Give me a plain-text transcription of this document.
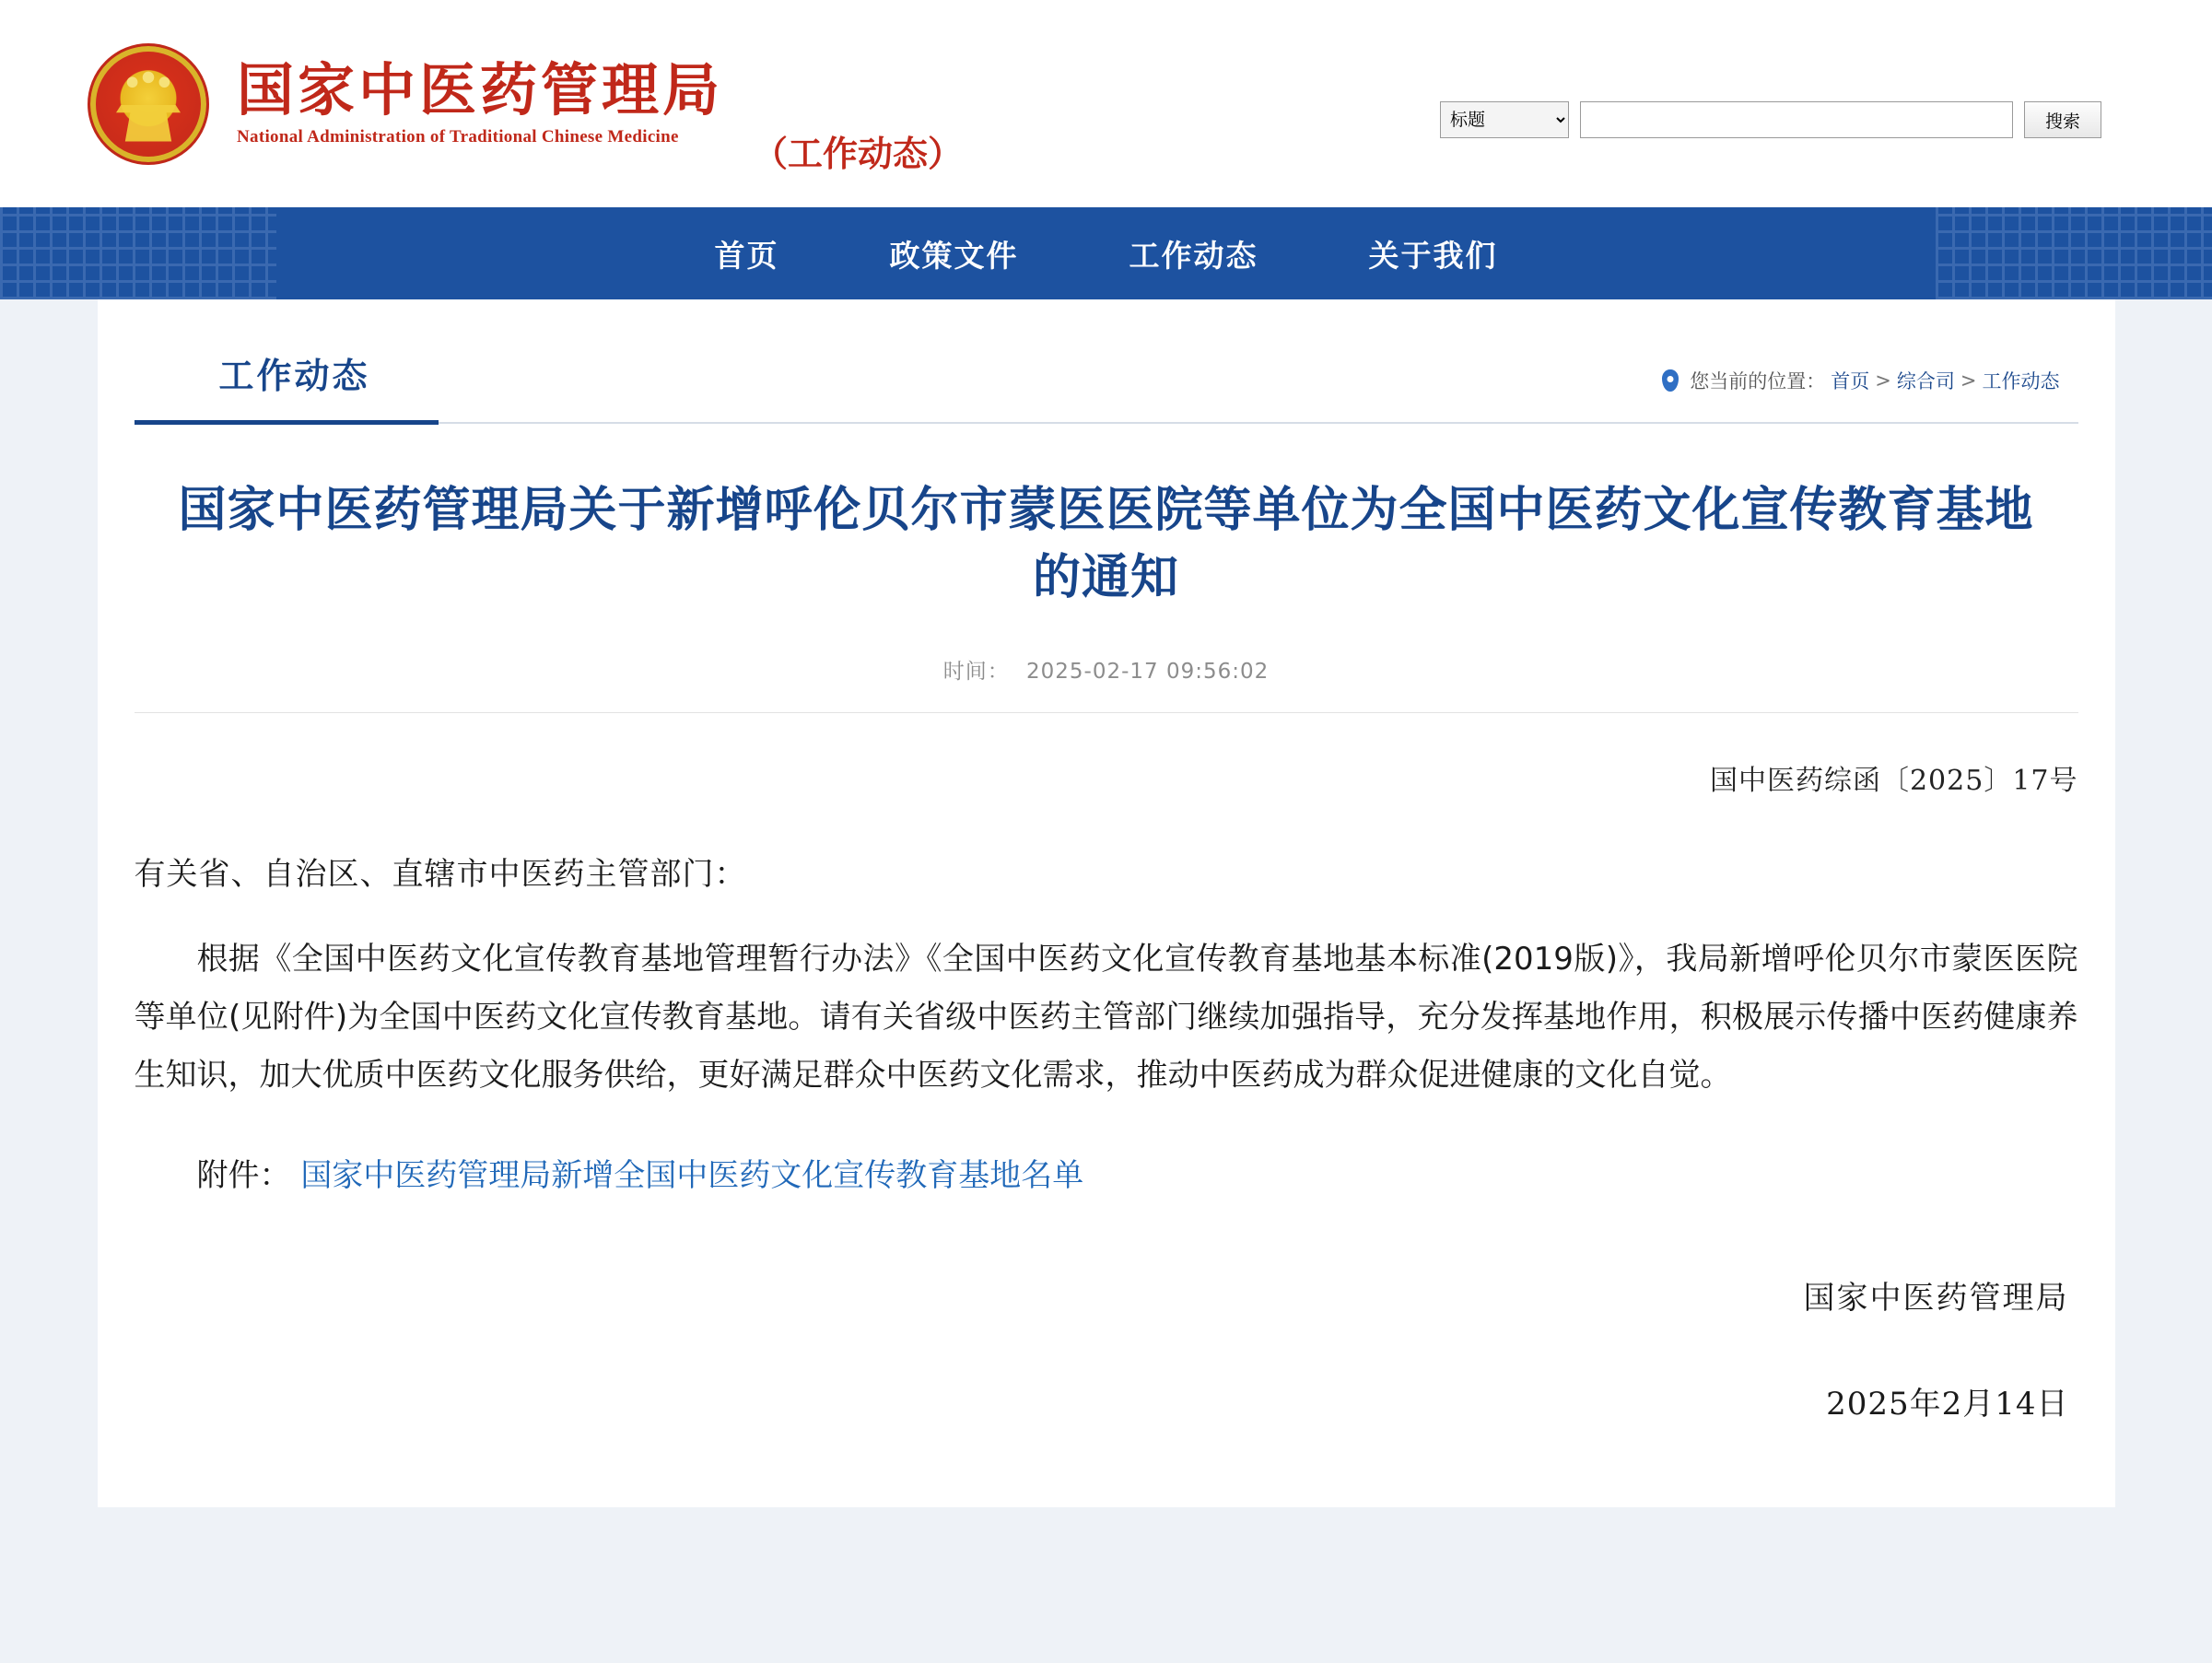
国家中医药管理局
National Administration of Traditional Chinese Medicine	（工作动态）
标题
搜索
首页	政策文件	工作动态	关于我们
工作动态	您当前的位置： 首页 > 综合司 > 工作动态
国家中医药管理局关于新增呼伦贝尔市蒙医医院等单位为全国中医药文化宣传教育基地的通知
时间： 2025-02-17 09:56:02
国中医药综函〔2025〕17号
有关省、自治区、直辖市中医药主管部门：
根据《全国中医药文化宣传教育基地管理暂行办法》《全国中医药文化宣传教育基地基本标准(2019版)》，我局新增呼伦贝尔市蒙医医院等单位(见附件)为全国中医药文化宣传教育基地。请有关省级中医药主管部门继续加强指导，充分发挥基地作用，积极展示传播中医药健康养生知识，加大优质中医药文化服务供给，更好满足群众中医药文化需求，推动中医药成为群众促进健康的文化自觉。
附件： 国家中医药管理局新增全国中医药文化宣传教育基地名单
国家中医药管理局
2025年2月14日
